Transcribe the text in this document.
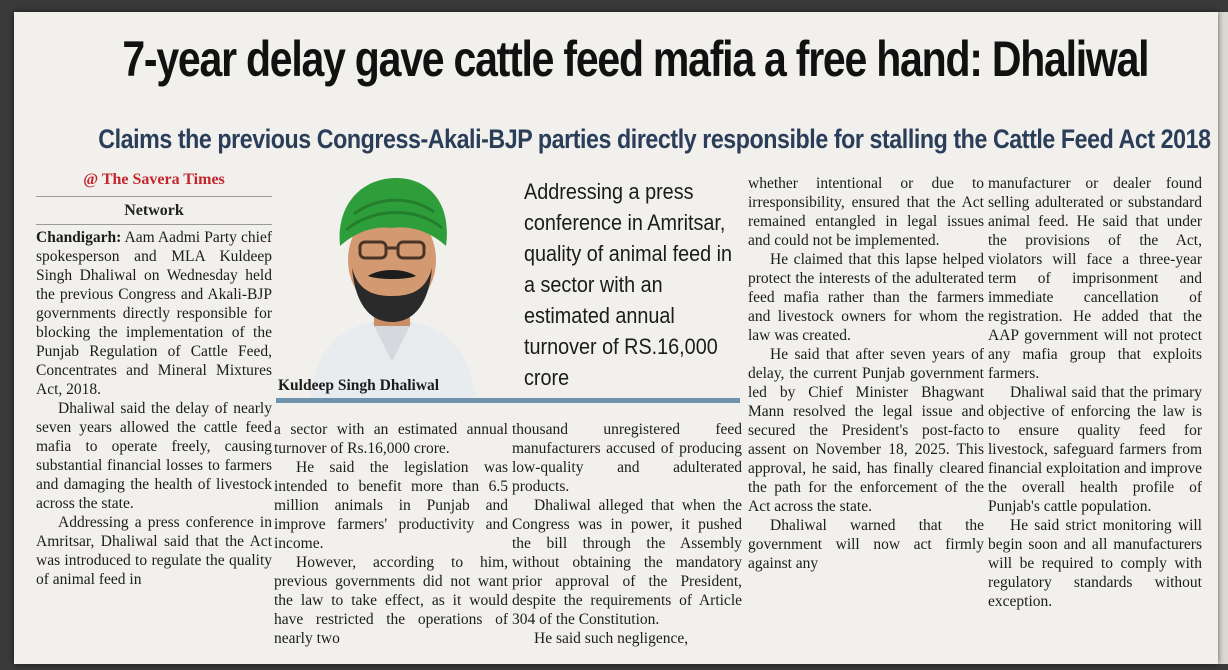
7-year delay gave cattle feed mafia a free hand: Dhaliwal
Claims the previous Congress-Akali-BJP parties directly responsible for stalling the Cattle Feed Act 2018
@ The Savera Times
Network

Chandigarh: Aam Aadmi Party chief spokesperson and MLA Kuldeep Singh Dhaliwal on Wednesday held the previous Congress and Akali-BJP governments directly responsible for blocking the implementation of the Punjab Regulation of Cattle Feed, Concentrates and Mineral Mixtures Act, 2018.

Dhaliwal said the delay of nearly seven years allowed the cattle feed mafia to operate freely, causing substantial financial losses to farmers and damaging the health of livestock across the state.

Addressing a press conference in Amritsar, Dhaliwal said that the Act was introduced to regulate the quality of animal feed in

Kuldeep Singh Dhaliwal
Addressing a press conference in Amritsar, quality of animal feed in a sector with an estimated annual turnover of RS.16,000 crore

a sector with an estimated annual turnover of Rs.16,000 crore.

He said the legislation was intended to benefit more than 6.5 million animals in Punjab and improve farmers' productivity and income.

However, according to him, previous governments did not want the law to take effect, as it would have restricted the operations of nearly two

thousand unregistered feed manufacturers accused of producing low-quality and adulterated products.

Dhaliwal alleged that when the Congress was in power, it pushed the bill through the Assembly without obtaining the mandatory prior approval of the President, despite the requirements of Article 304 of the Constitution.

He said such negligence,

whether intentional or due to irresponsibility, ensured that the Act remained entangled in legal issues and could not be implemented.

He claimed that this lapse helped protect the interests of the adulterated feed mafia rather than the farmers and livestock owners for whom the law was created.

He said that after seven years of delay, the current Punjab government led by Chief Minister Bhagwant Mann resolved the legal issue and secured the President's post-facto assent on November 18, 2025. This approval, he said, has finally cleared the path for the enforcement of the Act across the state.

Dhaliwal warned that the government will now act firmly against any

manufacturer or dealer found selling adulterated or substandard animal feed. He said that under the provisions of the Act, violators will face a three-year term of imprisonment and immediate cancellation of registration. He added that the AAP government will not protect any mafia group that exploits farmers.

Dhaliwal said that the primary objective of enforcing the law is to ensure quality feed for livestock, safeguard farmers from financial exploitation and improve the overall health profile of Punjab's cattle population.

He said strict monitoring will begin soon and all manufacturers will be required to comply with regulatory standards without exception.
